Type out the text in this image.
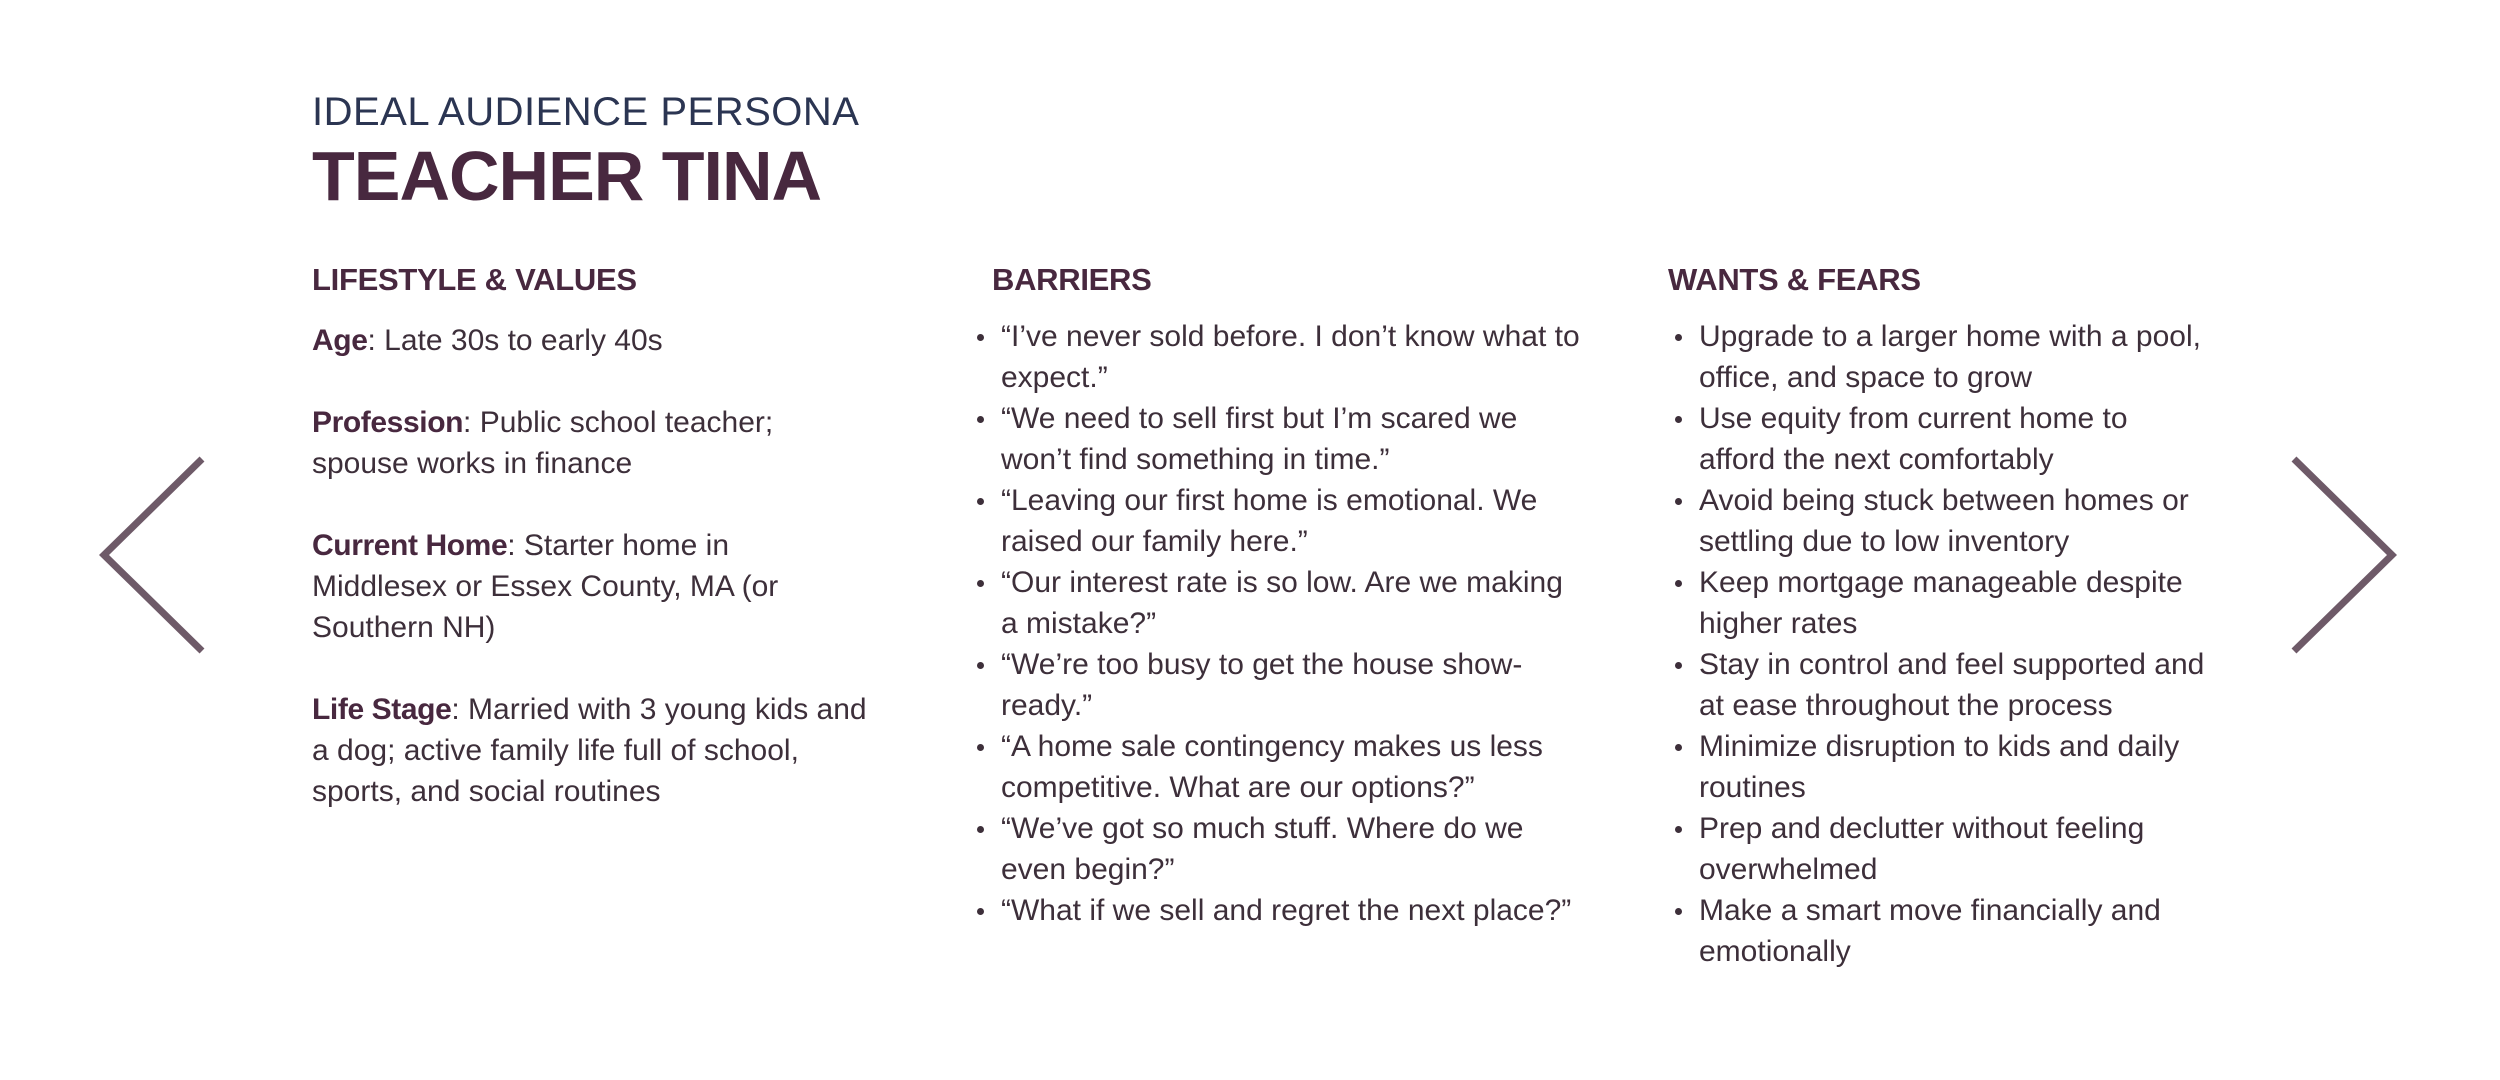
IDEAL AUDIENCE PERSONA
TEACHER TINA
LIFESTYLE & VALUES
Age: Late 30s to early 40s
Profession: Public school teacher; spouse works in finance
Current Home: Starter home in Middlesex or Essex County, MA (or Southern NH)
Life Stage: Married with 3 young kids and a dog; active family life full of school, sports, and social routines
BARRIERS
“I’ve never sold before. I don’t know what to expect.”
“We need to sell first but I’m scared we won’t find something in time.”
“Leaving our first home is emotional. We raised our family here.”
“Our interest rate is so low. Are we making a mistake?”
“We’re too busy to get the house show-ready.”
“A home sale contingency makes us less competitive. What are our options?”
“We’ve got so much stuff. Where do we even begin?”
“What if we sell and regret the next place?”
WANTS & FEARS
Upgrade to a larger home with a pool, office, and space to grow
Use equity from current home to afford the next comfortably
Avoid being stuck between homes or settling due to low inventory
Keep mortgage manageable despite higher rates
Stay in control and feel supported and at ease throughout the process
Minimize disruption to kids and daily routines
Prep and declutter without feeling overwhelmed
Make a smart move financially and emotionally
